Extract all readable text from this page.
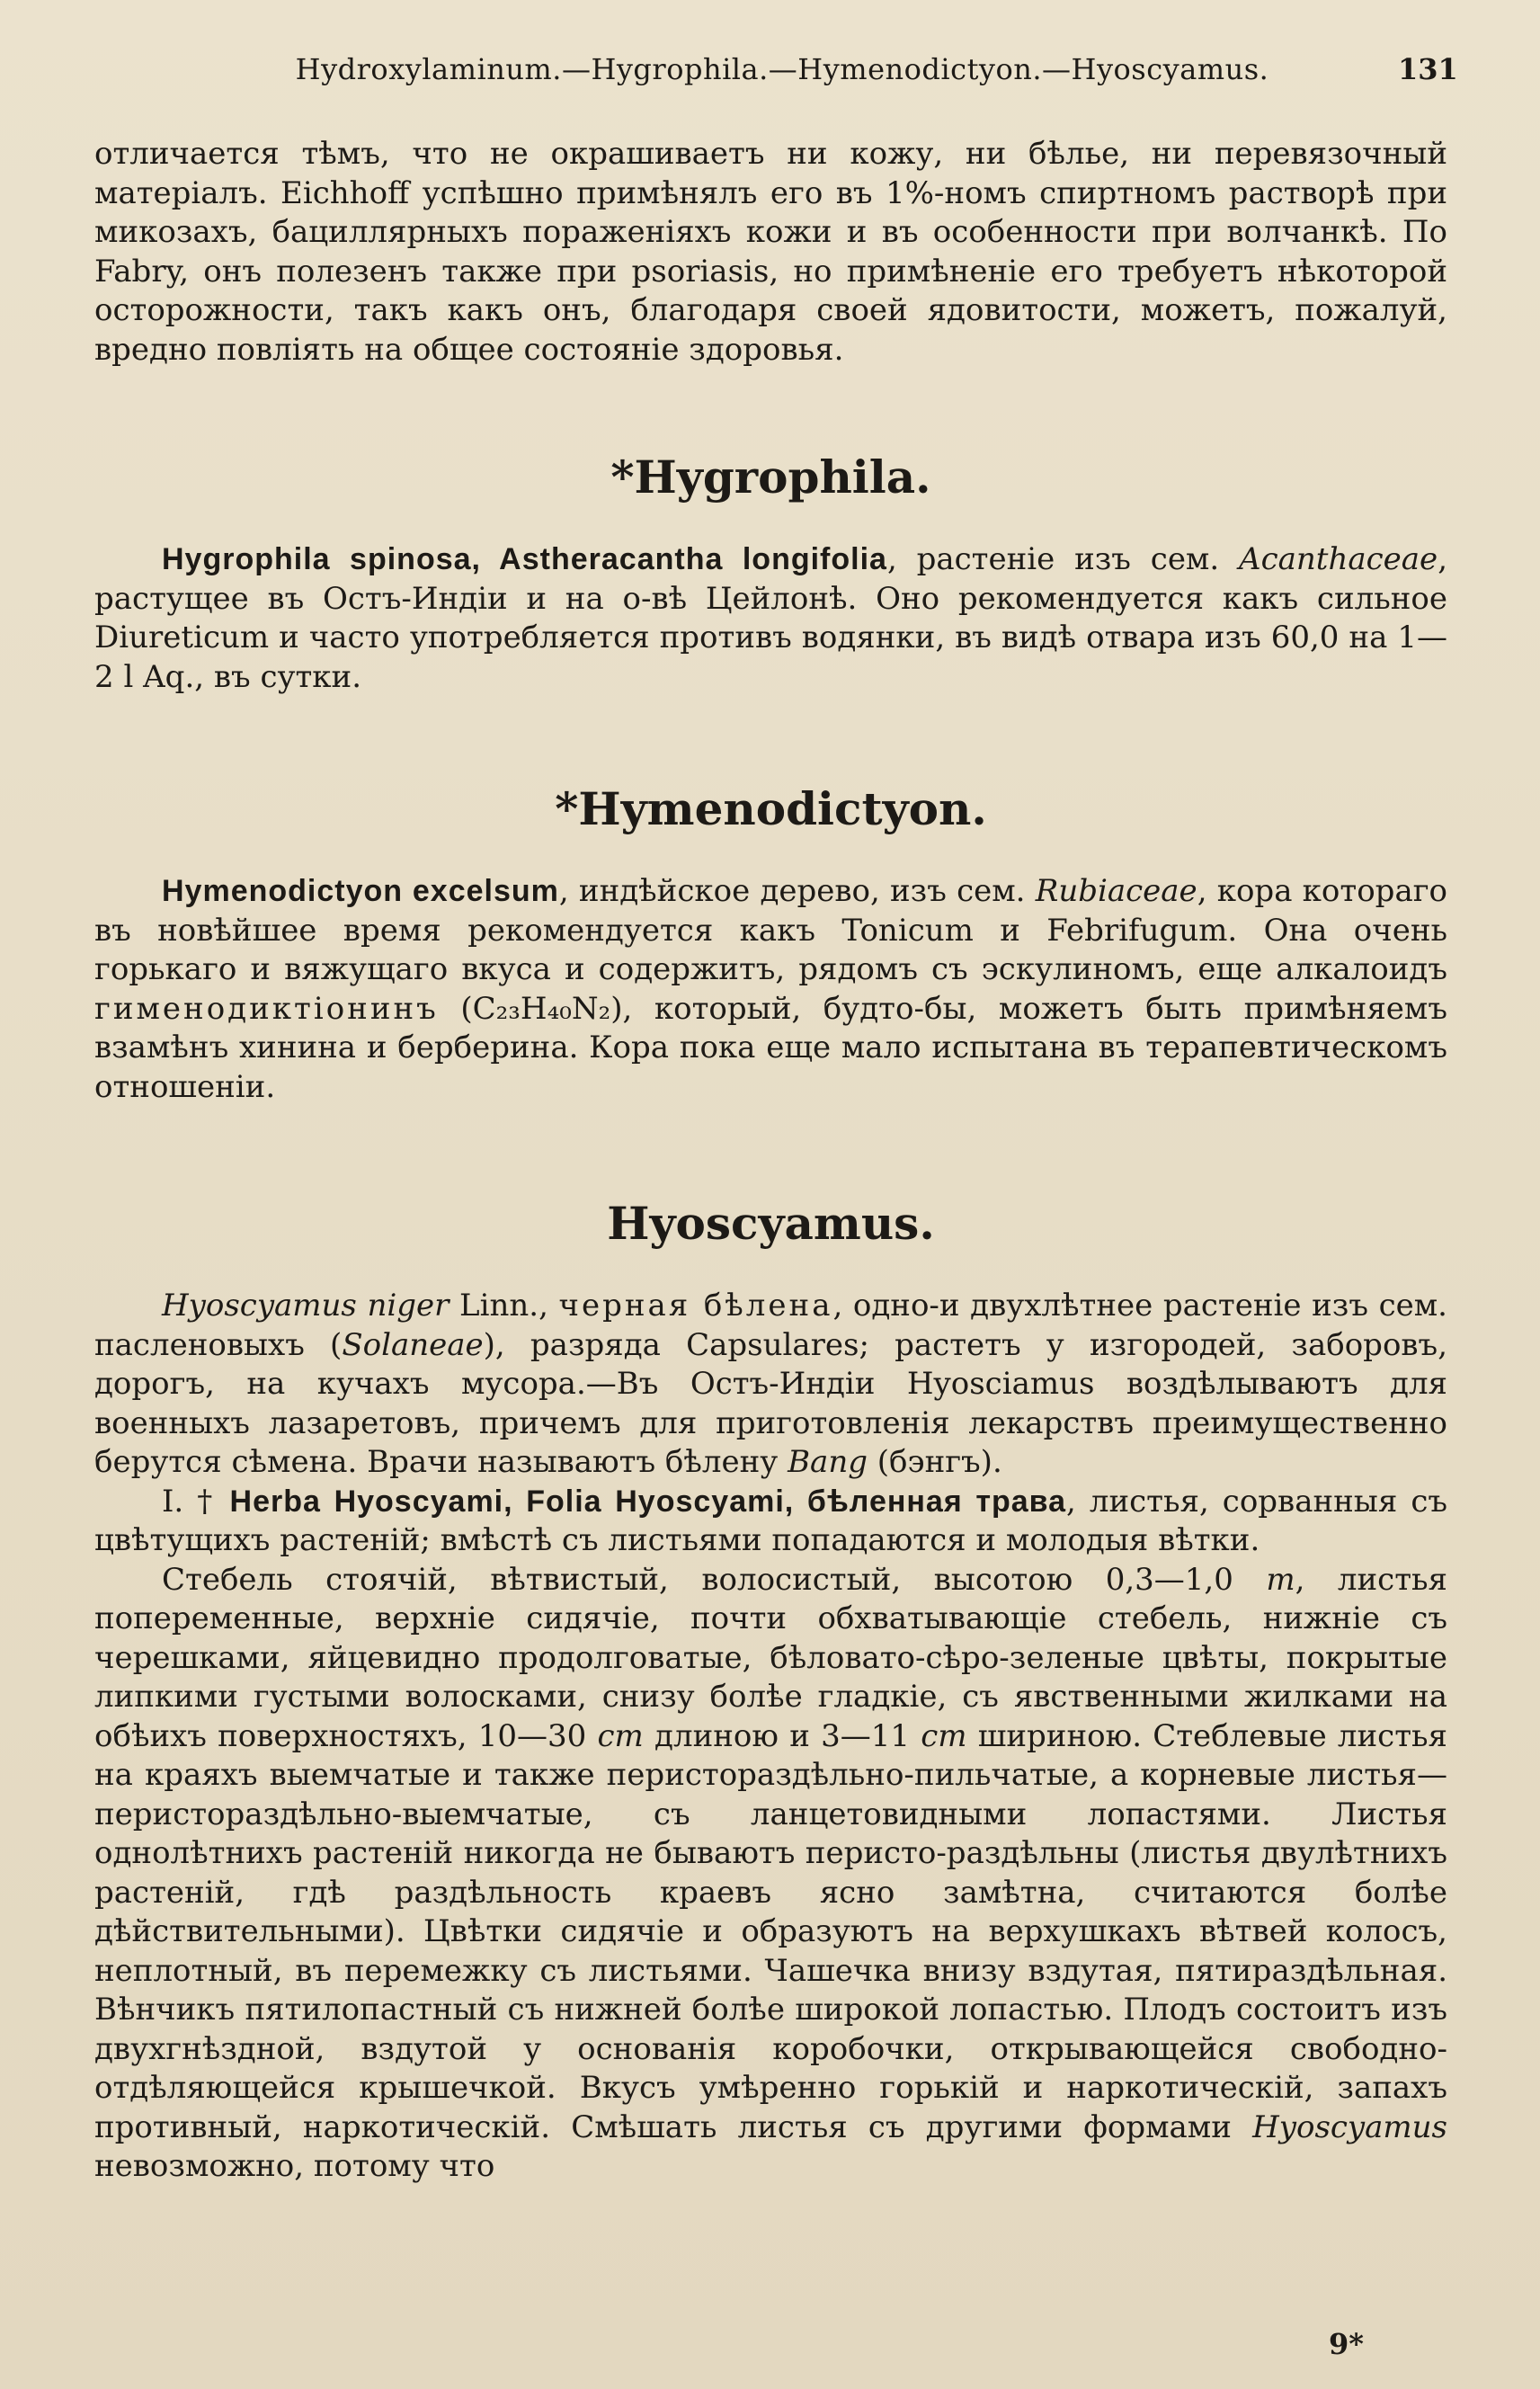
Hydroxylaminum.—Hygrophila.—Hymenodictyon.—Hyoscyamus.	131

отличается тѣмъ, что не окрашиваетъ ни кожу, ни бѣлье, ни перевязочный матеріалъ. Eichhoff успѣшно примѣнялъ его въ 1%-номъ спиртномъ растворѣ при микозахъ, бациллярныхъ пораженіяхъ кожи и въ особенности при волчанкѣ. По Fabry, онъ полезенъ также при psoriasis, но примѣненіе его требуетъ нѣкоторой осторожности, такъ какъ онъ, благодаря своей ядовитости, можетъ, пожалуй, вредно повліять на общее состояніе здоровья.

*Hygrophila.

Hygrophila spinosa, Astheracantha longifolia, растеніе изъ сем. Acanthaceae, растущее въ Остъ-Индіи и на о-вѣ Цейлонѣ. Оно рекомендуется какъ сильное Diureticum и часто употребляется противъ водянки, въ видѣ отвара изъ 60,0 на 1—2 l Aq., въ сутки.

*Hymenodictyon.

Hymenodictyon excelsum, индѣйское дерево, изъ сем. Rubiaceae, кора котораго въ новѣйшее время рекомендуется какъ Tonicum и Febrifugum. Она очень горькаго и вяжущаго вкуса и содержитъ, рядомъ съ эскулиномъ, еще алкалоидъ гименодиктіонинъ (C₂₃H₄₀N₂), который, будто-бы, можетъ быть примѣняемъ взамѣнъ хинина и берберина. Кора пока еще мало испытана въ терапевтическомъ отношеніи.

Hyoscyamus.

Hyoscyamus niger Linn., черная бѣлена, одно-и двухлѣтнее растеніе изъ сем. пасленовыхъ (Solaneae), разряда Capsulares; растетъ у изгородей, заборовъ, дорогъ, на кучахъ мусора.—Въ Остъ-Индіи Hyosciamus воздѣлываютъ для военныхъ лазаретовъ, причемъ для приготовленія лекарствъ преимущественно берутся сѣмена. Врачи называютъ бѣлену Bang (бэнгъ).

I. † Herba Hyoscyami, Folia Hyoscyami, бѣленная трава, листья, сорванныя съ цвѣтущихъ растеній; вмѣстѣ съ листьями попадаются и молодыя вѣтки.

Стебель стоячій, вѣтвистый, волосистый, высотою 0,3—1,0 m, листья попеременные, верхніе сидячіе, почти обхватывающіе стебель, нижніе съ черешками, яйцевидно продолговатые, бѣловато-сѣро-зеленые цвѣты, покрытые липкими густыми волосками, снизу болѣе гладкіе, съ явственными жилками на обѣихъ поверхностяхъ, 10—30 cm длиною и 3—11 cm шириною. Стеблевые листья на краяхъ выемчатые и также перистораздѣльно-пильчатые, а корневые листья—перистораздѣльно-выемчатые, съ ланцетовидными лопастями. Листья однолѣтнихъ растеній никогда не бываютъ перисто-раздѣльны (листья двулѣтнихъ растеній, гдѣ раздѣльность краевъ ясно замѣтна, считаются болѣе дѣйствительными). Цвѣтки сидячіе и образуютъ на верхушкахъ вѣтвей колосъ, неплотный, въ перемежку съ листьями. Чашечка внизу вздутая, пятираздѣльная. Вѣнчикъ пятилопастный съ нижней болѣе широкой лопастью. Плодъ состоитъ изъ двухгнѣздной, вздутой у основанія коробочки, открывающейся свободно-отдѣляющейся крышечкой. Вкусъ умѣренно горькій и наркотическій, запахъ противный, наркотическій. Смѣшать листья съ другими формами Hyoscyamus невозможно, потому что

9*
